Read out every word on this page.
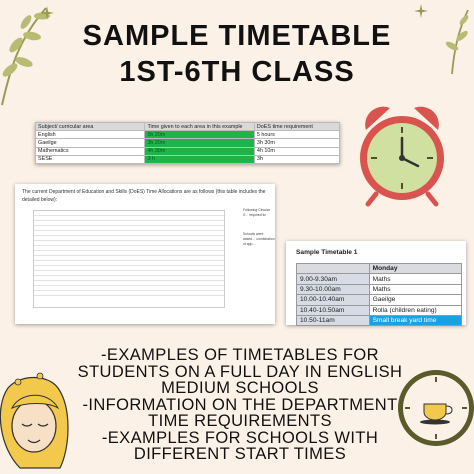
SAMPLE TIMETABLE
1ST-6TH CLASS
Subject/ curricular area	Time given to each area in this example	DoES time requirement
English	5h 20m	5 hours
Gaeilge	3h 20m	3h 30m
Mathematics	4h 30m	4h 10m
SESE	3 h	3h
The current Department of Education and Skills (DoES) Time Allocations are as follows (this table includes the detailed below):
Following Circular 0… required to:
Schools were asked… combination of app…
Sample Timetable 1
	Monday
9.00-9.30am	Maths
9.30-10.00am	Maths
10.00-10.40am	Gaeilge
10.40-10.50am	Rolla (children eating)
10.50-11am	Small break yard time
-EXAMPLES OF TIMETABLES FOR
STUDENTS ON A FULL DAY IN ENGLISH
MEDIUM SCHOOLS
-INFORMATION ON THE DEPARTMENT
TIME REQUIREMENTS
-EXAMPLES FOR SCHOOLS WITH
DIFFERENT START TIMES
